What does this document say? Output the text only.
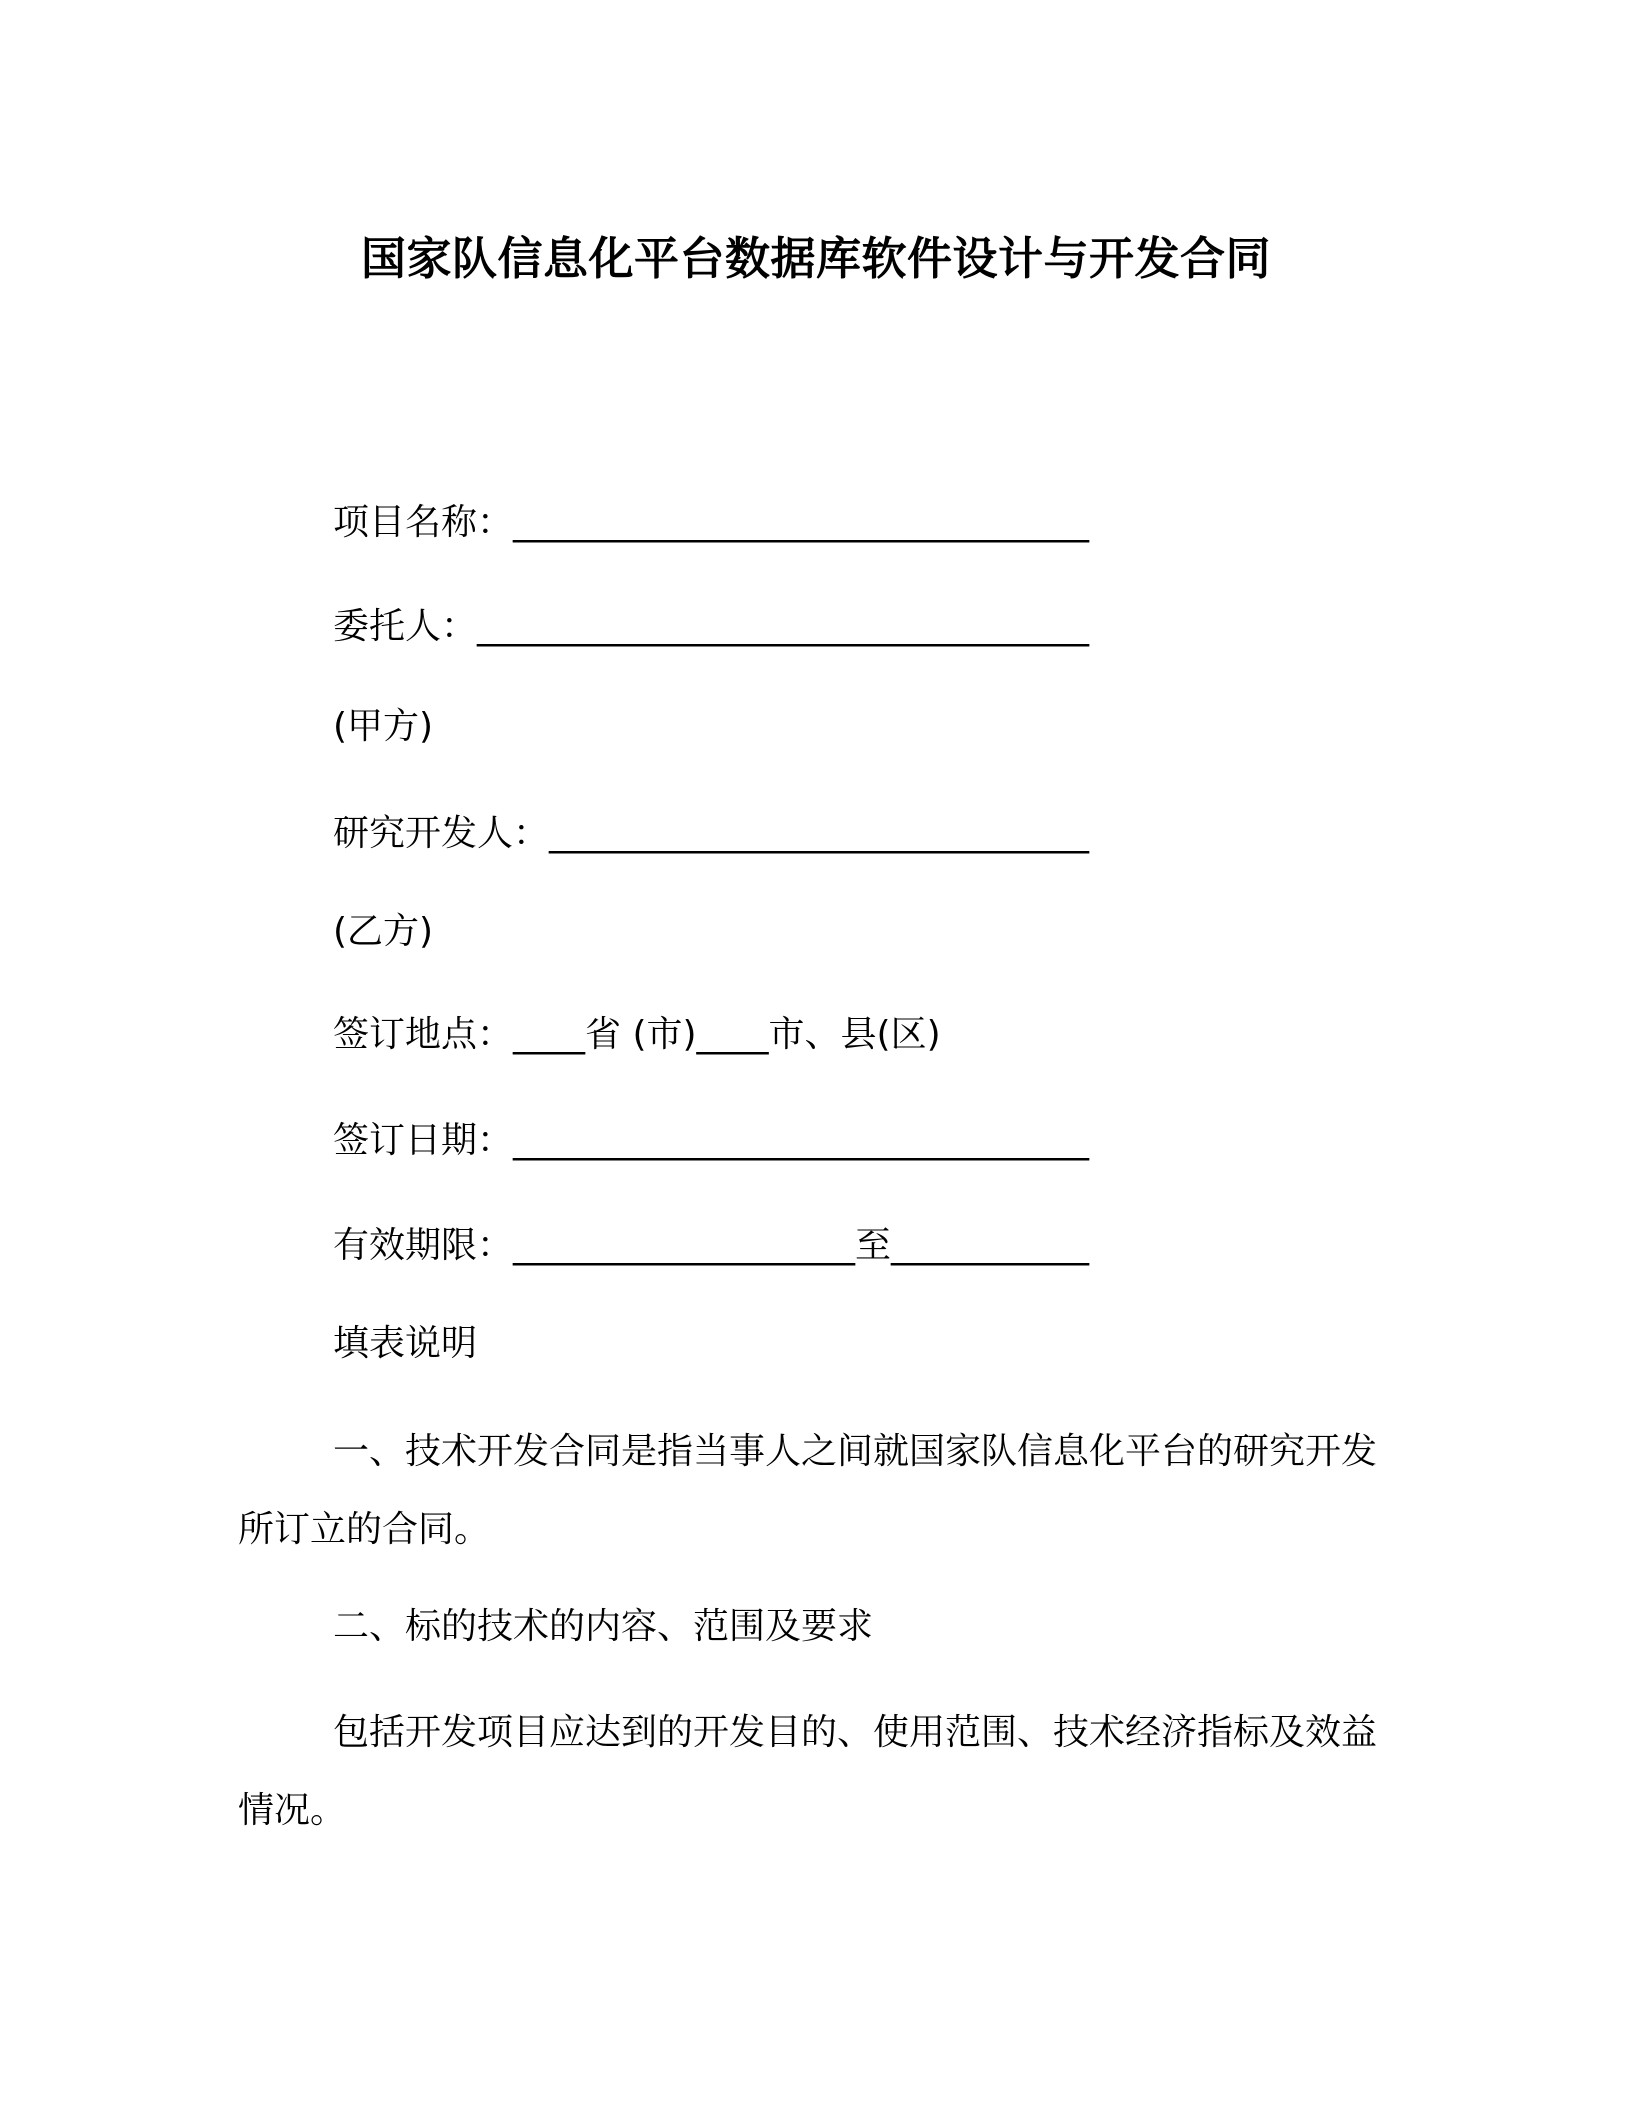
国家队信息化平台数据库软件设计与开发合同
项目名称：________________________________
委托人：__________________________________
(甲方)
研究开发人：______________________________
(乙方)
签订地点：____省 (市)____市、县(区)
签订日期：________________________________
有效期限：___________________至___________
填表说明
一、技术开发合同是指当事人之间就国家队信息化平台的研究开发所订立的合同。
二、标的技术的内容、范围及要求
包括开发项目应达到的开发目的、使用范围、技术经济指标及效益情况。
